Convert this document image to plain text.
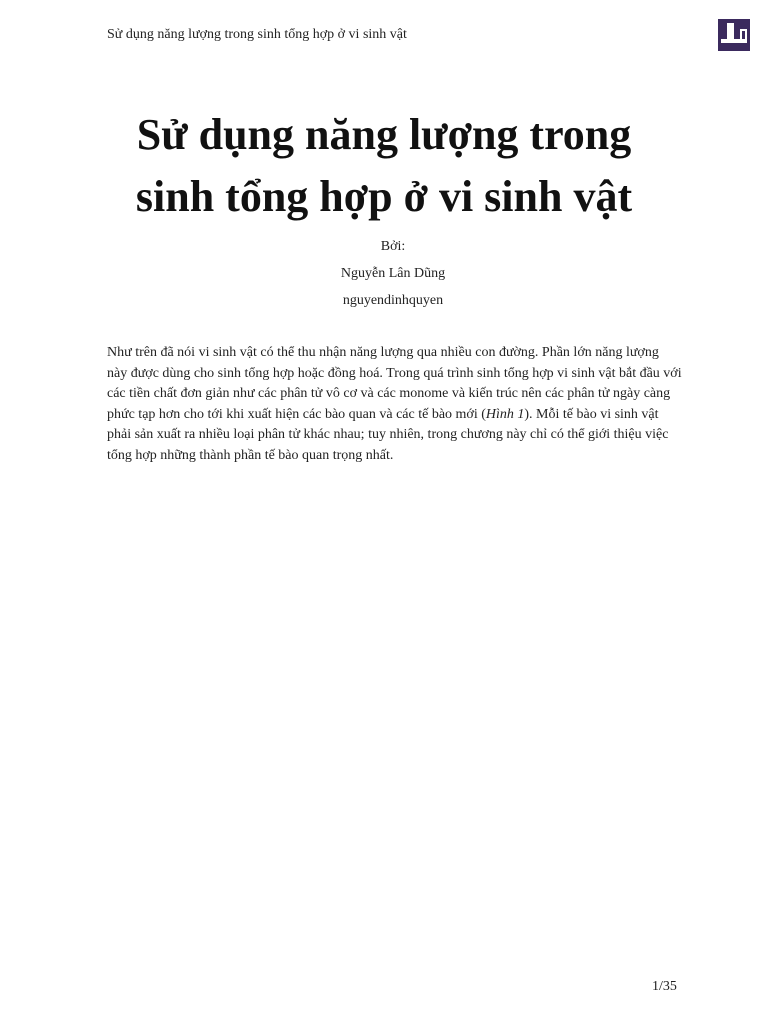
Sử dụng năng lượng trong sinh tổng hợp ở vi sinh vật
Sử dụng năng lượng trong
sinh tổng hợp ở vi sinh vật
Bởi:
Nguyễn Lân Dũng
nguyendinhquyen

Như trên đã nói vi sinh vật có thể thu nhận năng lượng qua nhiều con đường. Phần lớn năng lượng này được dùng cho sinh tổng hợp hoặc đồng hoá. Trong quá trình sinh tổng hợp vi sinh vật bắt đầu với các tiền chất đơn giản như các phân tử vô cơ và các monome và kiến trúc nên các phân tử ngày càng phức tạp hơn cho tới khi xuất hiện các bào quan và các tế bào mới (Hình 1). Mỗi tế bào vi sinh vật phải sản xuất ra nhiều loại phân tử khác nhau; tuy nhiên, trong chương này chỉ có thể giới thiệu việc tổng hợp những thành phần tế bào quan trọng nhất.

1/35
